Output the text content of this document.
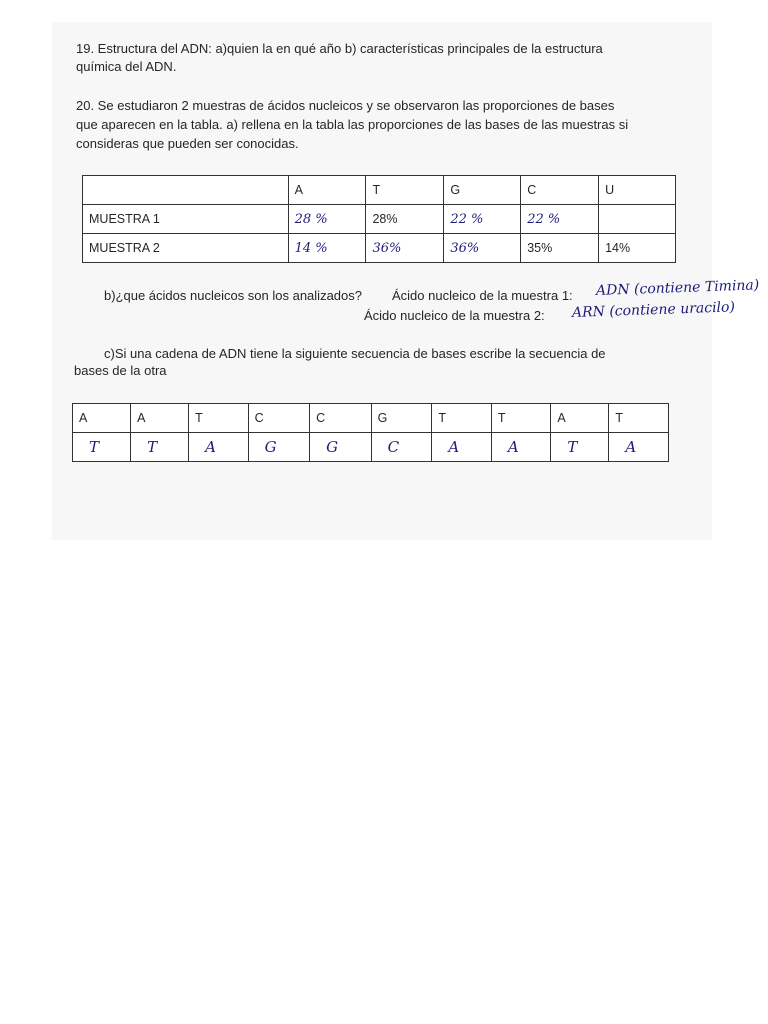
19. Estructura del ADN: a)quien la en qué año b) características principales de la estructura

química del ADN.

20. Se estudiaron 2 muestras de ácidos nucleicos y se observaron las proporciones de bases

que aparecen en la tabla. a) rellena en la tabla las proporciones de las bases de las muestras si

consideras que pueden ser conocidas.

	A	T	G	C	U
MUESTRA 1	28 %	28%	22 %	22 %	
MUESTRA 2	14 %	36%	36%	35%	14%

b)¿que ácidos nucleicos son los analizados? Ácido nucleico de la muestra 1: ADN (contiene Timina)

Ácido nucleico de la muestra 2: ARN (contiene uracilo)

c)Si una cadena de ADN tiene la siguiente secuencia de bases escribe la secuencia de

bases de la otra

A	A	T	C	C	G	T	T	A	T
T	T	A	G	G	C	A	A	T	A
